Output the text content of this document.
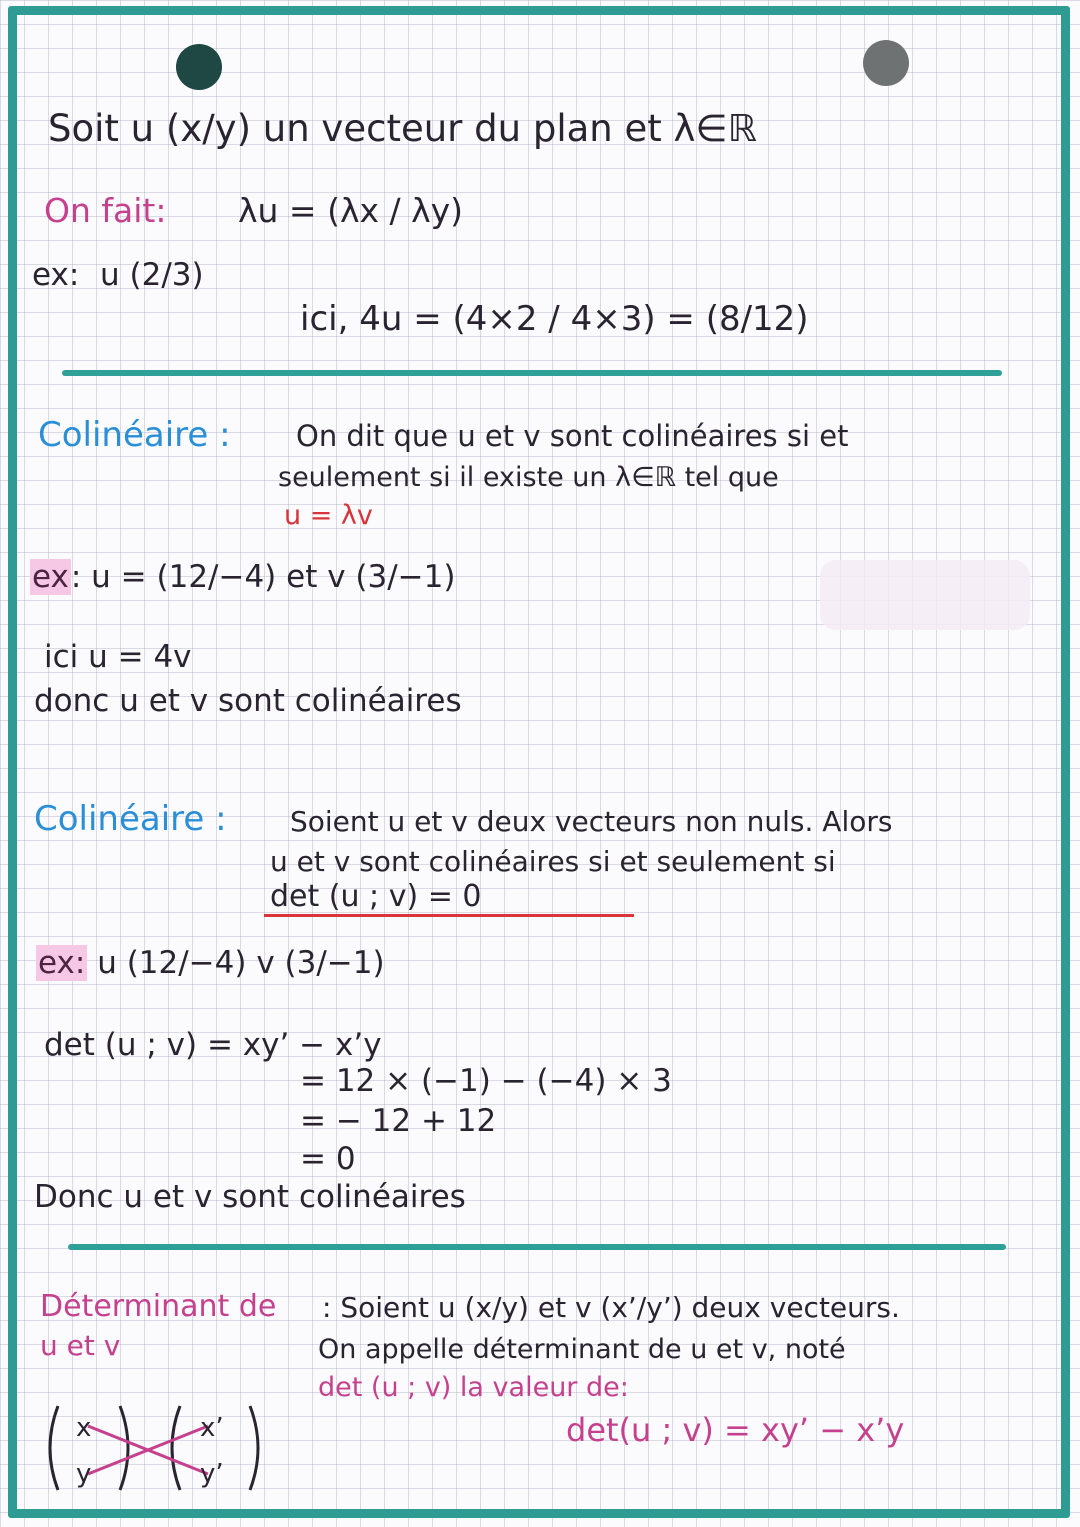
Soit u (x/y) un vecteur du plan et λ∈ℝ
On fait: λu = (λx / λy)
ex: u (2/3)
ici, 4u = (4×2 / 4×3) = (8/12)
Colinéaire : On dit que u et v sont colinéaires si et
seulement si il existe un λ∈ℝ tel que
u = λv
ex: u = (12/−4) et v (3/−1)
ici u = 4v
donc u et v sont colinéaires
Colinéaire : Soient u et v deux vecteurs non nuls. Alors
u et v sont colinéaires si et seulement si
det (u ; v) = 0
ex: u (12/−4) v (3/−1)
det (u ; v) = xy’ − x’y
= 12 × (−1) − (−4) × 3
= − 12 + 12
= 0
Donc u et v sont colinéaires
Déterminant de
u et v
: Soient u (x/y) et v (x’/y’) deux vecteurs.
On appelle déterminant de u et v, noté
det (u ; v) la valeur de:
det(u ; v) = xy’ − x’y
x
y
x’
y’
